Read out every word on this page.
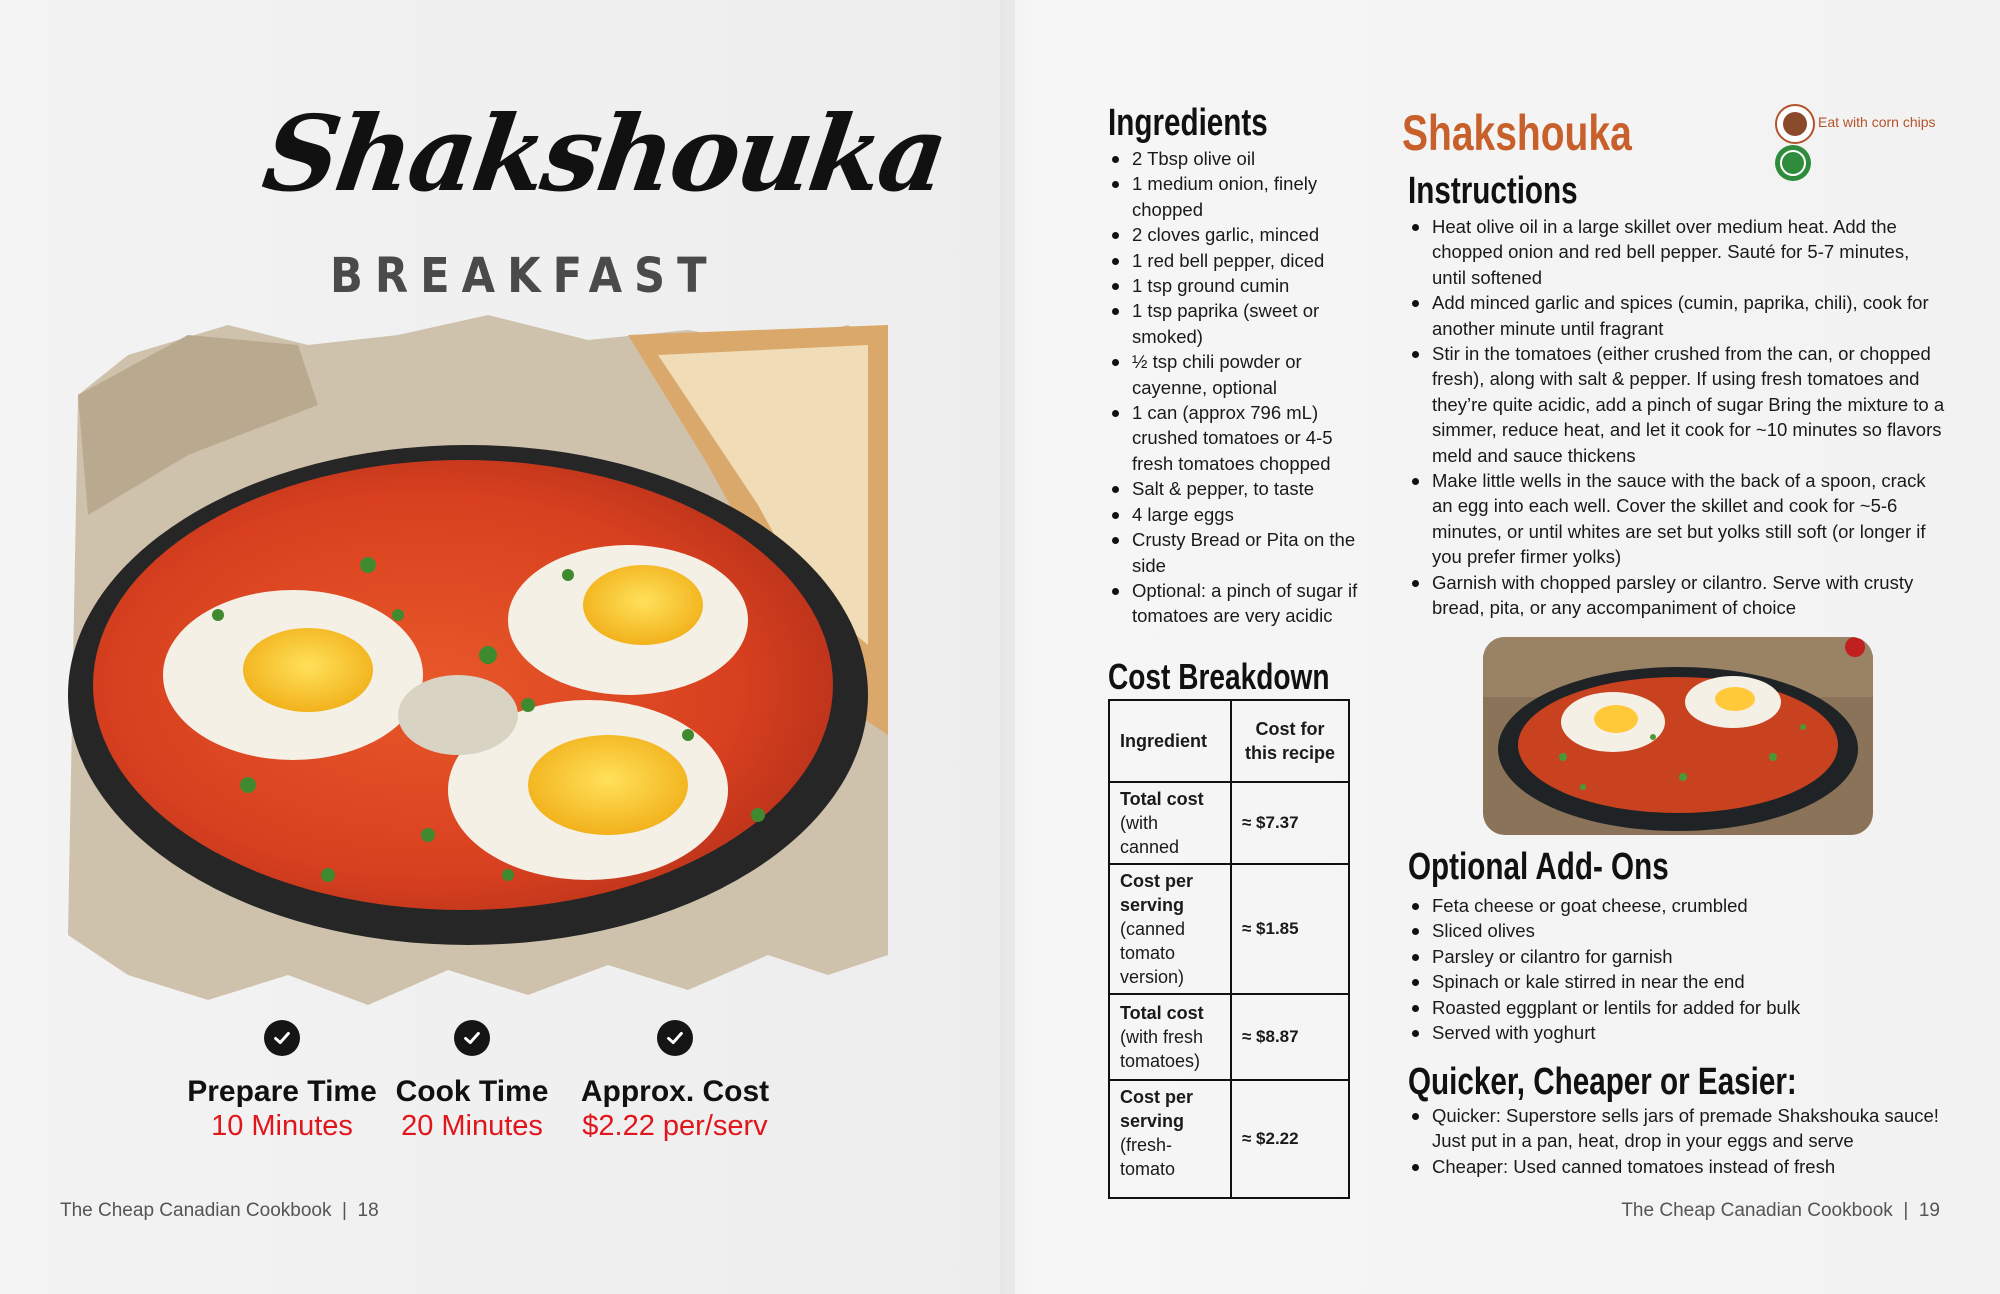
Shakshouka
BREAKFAST
Prepare Time
10 Minutes
Cook Time
20 Minutes
Approx. Cost
$2.22 per/serv
The Cheap Canadian Cookbook | 18
Ingredients
2 Tbsp olive oil
1 medium onion, finely chopped
2 cloves garlic, minced
1 red bell pepper, diced
1 tsp ground cumin
1 tsp paprika (sweet or smoked)
½ tsp chili powder or cayenne, optional
1 can (approx 796 mL) crushed tomatoes or 4-5 fresh tomatoes chopped
Salt & pepper, to taste
4 large eggs
Crusty Bread or Pita on the side
Optional: a pinch of sugar if tomatoes are very acidic
Cost Breakdown
Ingredient	Cost for this recipe

Total cost
(with canned	≈ $7.37
Cost per serving
(canned tomato version)	≈ $1.85
Total cost
(with fresh tomatoes)	≈ $8.87

Cost per serving
(fresh-tomato	≈ $2.22
Shakshouka	Eat with corn chips
Instructions
Heat olive oil in a large skillet over medium heat. Add the chopped onion and red bell pepper. Sauté for 5-7 minutes, until softened
Add minced garlic and spices (cumin, paprika, chili), cook for another minute until fragrant
Stir in the tomatoes (either crushed from the can, or chopped fresh), along with salt & pepper. If using fresh tomatoes and they’re quite acidic, add a pinch of sugar Bring the mixture to a simmer, reduce heat, and let it cook for ~10 minutes so flavors meld and sauce thickens
Make little wells in the sauce with the back of a spoon, crack an egg into each well. Cover the skillet and cook for ~5-6 minutes, or until whites are set but yolks still soft (or longer if you prefer firmer yolks)
Garnish with chopped parsley or cilantro. Serve with crusty bread, pita, or any accompaniment of choice
Optional Add- Ons
Feta cheese or goat cheese, crumbled
Sliced olives
Parsley or cilantro for garnish
Spinach or kale stirred in near the end
Roasted eggplant or lentils for added for bulk
Served with yoghurt
Quicker, Cheaper or Easier:
Quicker: Superstore sells jars of premade Shakshouka sauce! Just put in a pan, heat, drop in your eggs and serve
Cheaper: Used canned tomatoes instead of fresh
The Cheap Canadian Cookbook | 19
